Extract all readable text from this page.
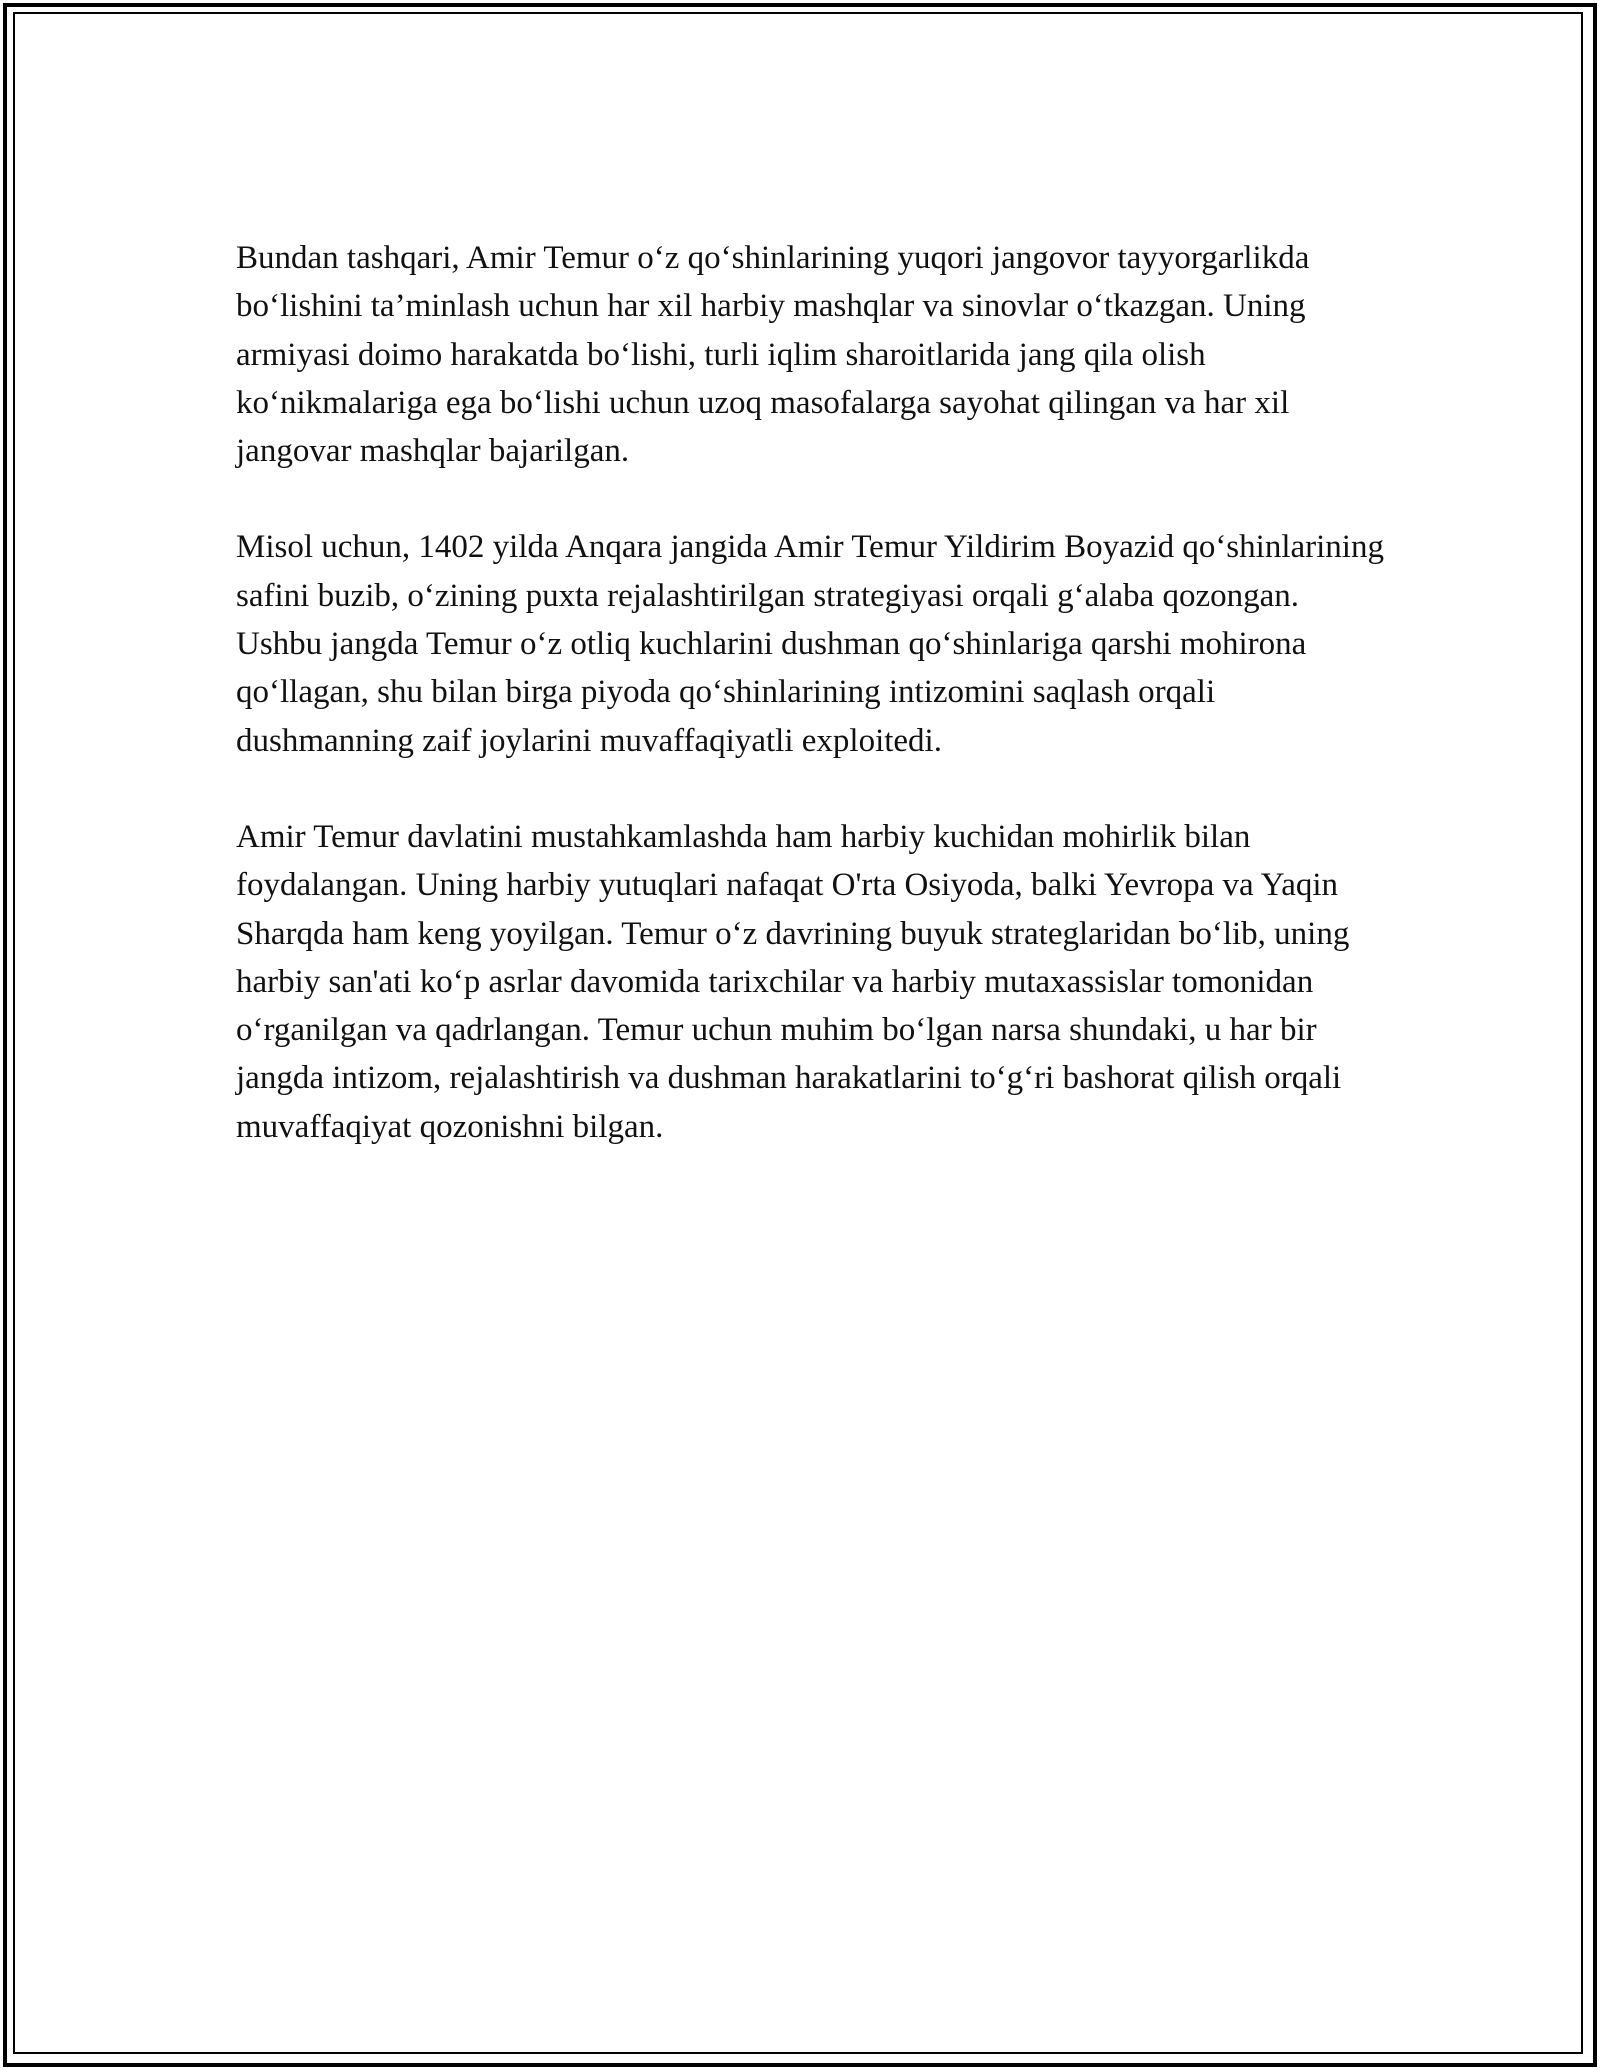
Bundan tashqari, Amir Temur o‘z qo‘shinlarining yuqori jangovor tayyorgarlikda bo‘lishini ta’minlash uchun har xil harbiy mashqlar va sinovlar o‘tkazgan. Uning armiyasi doimo harakatda bo‘lishi, turli iqlim sharoitlarida jang qila olish ko‘nikmalariga ega bo‘lishi uchun uzoq masofalarga sayohat qilingan va har xil jangovar mashqlar bajarilgan.

Misol uchun, 1402 yilda Anqara jangida Amir Temur Yildirim Boyazid qo‘shinlarining safini buzib, o‘zining puxta rejalashtirilgan strategiyasi orqali g‘alaba qozongan. Ushbu jangda Temur o‘z otliq kuchlarini dushman qo‘shinlariga qarshi mohirona qo‘llagan, shu bilan birga piyoda qo‘shinlarining intizomini saqlash orqali dushmanning zaif joylarini muvaffaqiyatli exploitedi.

Amir Temur davlatini mustahkamlashda ham harbiy kuchidan mohirlik bilan foydalangan. Uning harbiy yutuqlari nafaqat O'rta Osiyoda, balki Yevropa va Yaqin Sharqda ham keng yoyilgan. Temur o‘z davrining buyuk strateglaridan bo‘lib, uning harbiy san'ati ko‘p asrlar davomida tarixchilar va harbiy mutaxassislar tomonidan o‘rganilgan va qadrlangan. Temur uchun muhim bo‘lgan narsa shundaki, u har bir jangda intizom, rejalashtirish va dushman harakatlarini to‘g‘ri bashorat qilish orqali muvaffaqiyat qozonishni bilgan.
